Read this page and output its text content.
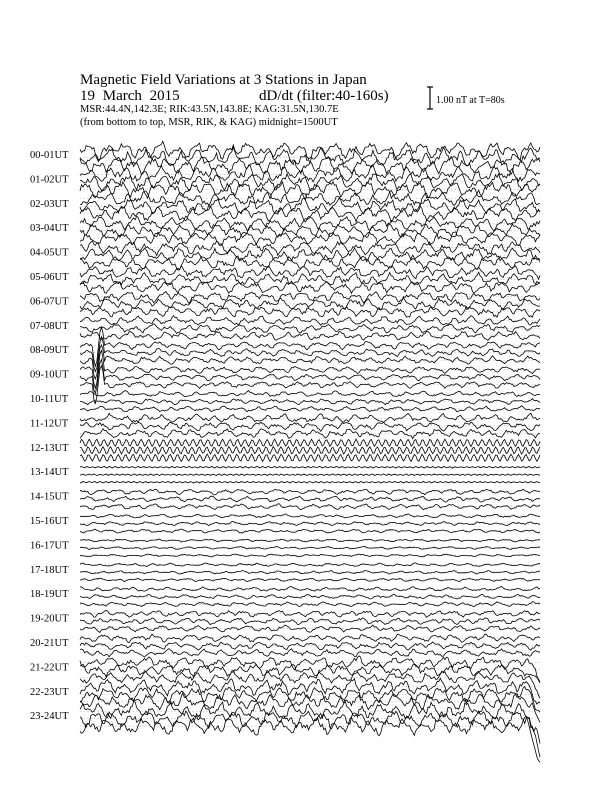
Magnetic Field Variations at 3 Stations in Japan
19 March 2015	dD/dt (filter:40-160s)
MSR:44.4N,142.3E; RIK:43.5N,143.8E; KAG:31.5N,130.7E
(from bottom to top, MSR, RIK, & KAG) midnight=1500UT
1.00 nT at T=80s
00-01UT
01-02UT
02-03UT
03-04UT
04-05UT
05-06UT
06-07UT
07-08UT
08-09UT
09-10UT
10-11UT
11-12UT
12-13UT
13-14UT
14-15UT
15-16UT
16-17UT
17-18UT
18-19UT
19-20UT
20-21UT
21-22UT
22-23UT
23-24UT
